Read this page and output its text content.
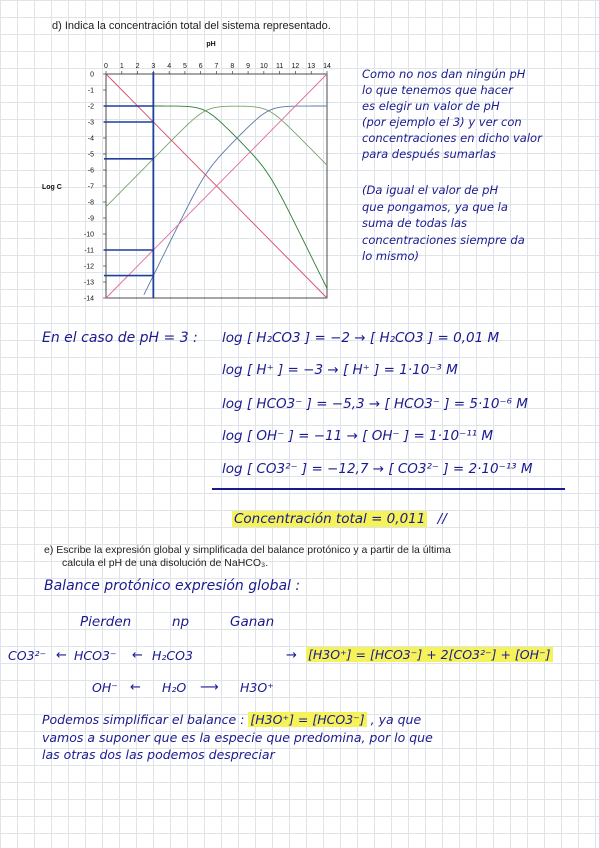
d) Indica la concentración total del sistema representado.
pH
Log C
0 1 2 3 4 5 6 7 8 9 10 11 12 13 14
0
-1
-2
-3
-4
-5
-6
-7
-8
-9
-10
-11
-12
-13
-14
Como no nos dan ningún pH
lo que tenemos que hacer
es elegir un valor de pH
(por ejemplo el 3) y ver con
concentraciones en dicho valor
para después sumarlas
(Da igual el valor de pH
que pongamos, ya que la
suma de todas las
concentraciones siempre da
lo mismo)
En el caso de pH = 3 : log [ H₂CO3 ] = −2 → [ H₂CO3 ] = 0,01 M
log [ H⁺ ] = −3 → [ H⁺ ] = 1·10⁻³ M
log [ HCO3⁻ ] = −5,3 → [ HCO3⁻ ] = 5·10⁻⁶ M
log [ OH⁻ ] = −11 → [ OH⁻ ] = 1·10⁻¹¹ M
log [ CO3²⁻ ] = −12,7 → [ CO3²⁻ ] = 2·10⁻¹³ M
Concentración total = 0,011 //
e) Escribe la expresión global y simplificada del balance protónico y a partir de la última
calcula el pH de una disolución de NaHCO₃.
Balance protónico expresión global :
Pierden	np	Ganan
CO3²⁻ ← HCO3⁻ ← H₂CO3	→ [H3O⁺] = [HCO3⁻] + 2[CO3²⁻] + [OH⁻]
OH⁻ ← H₂O ⟶ H3O⁺
Podemos simplificar el balance : [H3O⁺] = [HCO3⁻] , ya que
vamos a suponer que es la especie que predomina, por lo que
las otras dos las podemos despreciar
